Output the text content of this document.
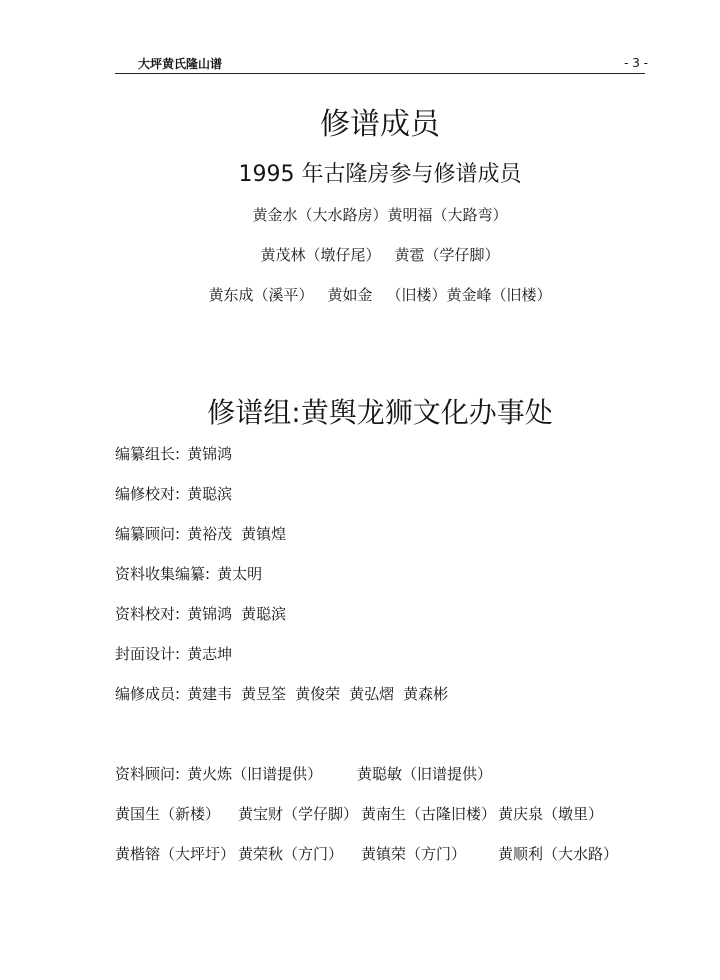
大坪黄氏隆山谱	- 3 -
修谱成员
1995 年古隆房参与修谱成员
黄金水（大水路房）黄明福（大路弯）
黄茂林（墩仔尾） 黄雹（学仔脚）
黄东成（溪平） 黄如金 （旧楼）黄金峰（旧楼）
修谱组:黄舆龙狮文化办事处
编纂组长: 黄锦鸿
编修校对: 黄聪滨
编纂顾问: 黄裕茂 黄镇煌
资料收集编纂: 黄太明
资料校对: 黄锦鸿 黄聪滨
封面设计: 黄志坤
编修成员: 黄建韦 黄昱筌 黄俊荣 黄弘熠 黄森彬
资料顾问: 黄火炼（旧谱提供） 黄聪敏（旧谱提供）
黄国生（新楼） 黄宝财（学仔脚） 黄南生（古隆旧楼） 黄庆泉（墩里）
黄楷镕（大坪圩） 黄荣秋（方门） 黄镇荣（方门） 黄顺利（大水路）
